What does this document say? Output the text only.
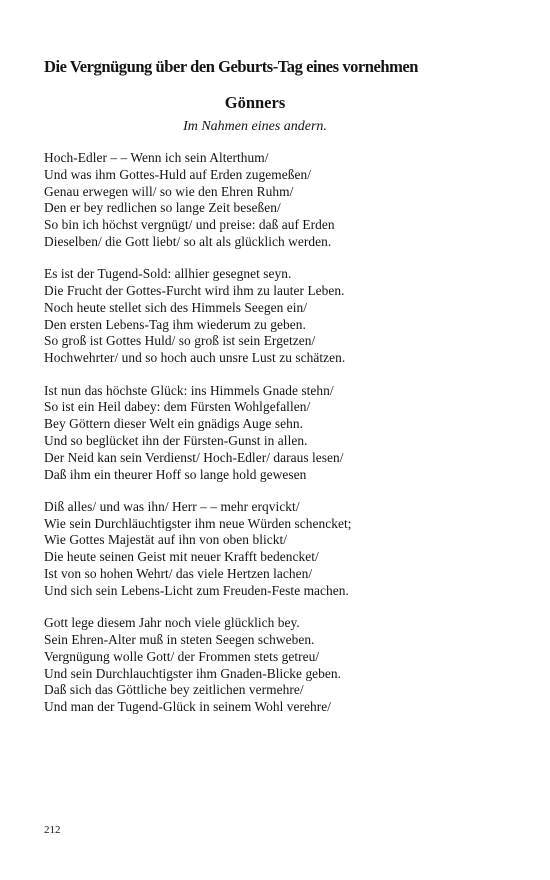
Die Vergnügung über den Geburts-Tag eines vornehmen
Gönners
Im Nahmen eines andern.
Hoch-Edler – – Wenn ich sein Alterthum/
Und was ihm Gottes-Huld auf Erden zugemeßen/
Genau erwegen will/ so wie den Ehren Ruhm/
Den er bey redlichen so lange Zeit beseßen/
So bin ich höchst vergnügt/ und preise: daß auf Erden
Dieselben/ die Gott liebt/ so alt als glücklich werden.
Es ist der Tugend-Sold: allhier gesegnet seyn.
Die Frucht der Gottes-Furcht wird ihm zu lauter Leben.
Noch heute stellet sich des Himmels Seegen ein/
Den ersten Lebens-Tag ihm wiederum zu geben.
So groß ist Gottes Huld/ so groß ist sein Ergetzen/
Hochwehrter/ und so hoch auch unsre Lust zu schätzen.
Ist nun das höchste Glück: ins Himmels Gnade stehn/
So ist ein Heil dabey: dem Fürsten Wohlgefallen/
Bey Göttern dieser Welt ein gnädigs Auge sehn.
Und so beglücket ihn der Fürsten-Gunst in allen.
Der Neid kan sein Verdienst/ Hoch-Edler/ daraus lesen/
Daß ihm ein theurer Hoff so lange hold gewesen
Diß alles/ und was ihn/ Herr – – mehr erqvickt/
Wie sein Durchläuchtigster ihm neue Würden schencket;
Wie Gottes Majestät auf ihn von oben blickt/
Die heute seinen Geist mit neuer Krafft bedencket/
Ist von so hohen Wehrt/ das viele Hertzen lachen/
Und sich sein Lebens-Licht zum Freuden-Feste machen.
Gott lege diesem Jahr noch viele glücklich bey.
Sein Ehren-Alter muß in steten Seegen schweben.
Vergnügung wolle Gott/ der Frommen stets getreu/
Und sein Durchlauchtigster ihm Gnaden-Blicke geben.
Daß sich das Göttliche bey zeitlichen vermehre/
Und man der Tugend-Glück in seinem Wohl verehre/
212
